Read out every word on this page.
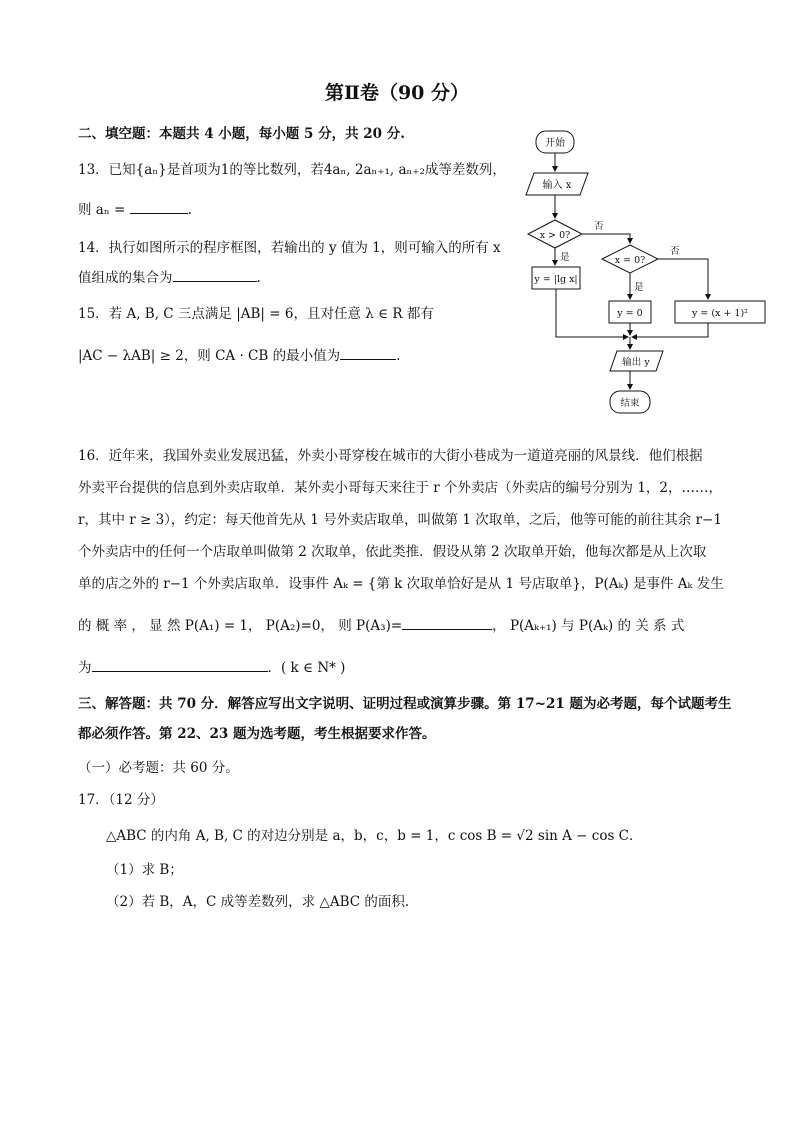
第Ⅱ卷（90 分）
二、填空题：本题共 4 小题，每小题 5 分，共 20 分.
13．已知{aₙ}是首项为1的等比数列，若4aₙ, 2aₙ₊₁, aₙ₊₂成等差数列，
则 aₙ =	.
14．执行如图所示的程序框图，若输出的 y 值为 1，则可输入的所有 x
值组成的集合为	.
15．若 A, B, C 三点满足 |AB| = 6，且对任意 λ ∈ R 都有
|AC − λAB| ≥ 2，则 CA · CB 的最小值为	.
开始
输入 x
x > 0?
是
否
y = |lg x|
x = 0?
是
否
y = 0	y = (x + 1)²
输出 y
结束
16．近年来，我国外卖业发展迅猛，外卖小哥穿梭在城市的大街小巷成为一道道亮丽的风景线．他们根据
外卖平台提供的信息到外卖店取单．某外卖小哥每天来往于 r 个外卖店（外卖店的编号分别为 1，2，……，
r，其中 r ≥ 3），约定：每天他首先从 1 号外卖店取单，叫做第 1 次取单，之后，他等可能的前往其余 r−1
个外卖店中的任何一个店取单叫做第 2 次取单，依此类推．假设从第 2 次取单开始，他每次都是从上次取
单的店之外的 r−1 个外卖店取单．设事件 Aₖ = {第 k 次取单恰好是从 1 号店取单}，P(Aₖ) 是事件 Aₖ 发生
的 概 率 ， 显 然 P(A₁) = 1， P(A₂)=0， 则 P(A₃)=	， P(Aₖ₊₁) 与 P(Aₖ) 的 关 系 式
为	．( k ∈ N* )
三、解答题：共 70 分．解答应写出文字说明、证明过程或演算步骤。第 17~21 题为必考题，每个试题考生
都必须作答。第 22、23 题为选考题，考生根据要求作答。
（一）必考题：共 60 分。
17．（12 分）
△ABC 的内角 A, B, C 的对边分别是 a，b，c，b = 1，c cos B = √2 sin A − cos C．
（1）求 B；
（2）若 B，A，C 成等差数列，求 △ABC 的面积.
